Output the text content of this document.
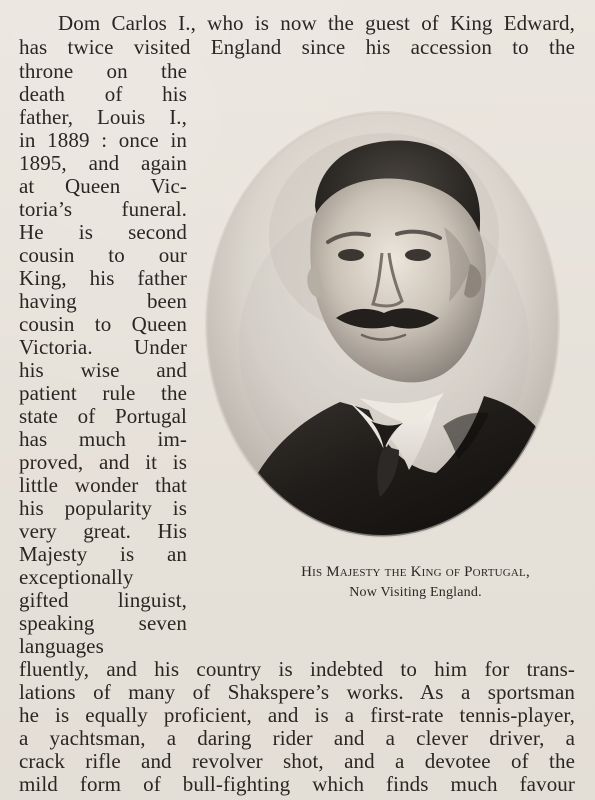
Dom Carlos I., who is now the guest of King Edward,
has twice visited England since his accession to the
throne on the
death of his
father, Louis I.,
in 1889 : once in
1895, and again
at Queen Vic-
toria’s funeral.
He is second
cousin to our
King, his father
having been
cousin to Queen
Victoria. Under
his wise and
patient rule the
state of Portugal
has much im-
proved, and it is
little wonder that
his popularity is
very great. His
Majesty is an
exceptionally
gifted linguist,
speaking seven
languages
fluently, and his country is indebted to him for trans-
lations of many of Shakspere’s works. As a sportsman
he is equally proficient, and is a first-rate tennis-player,
a yachtsman, a daring rider and a clever driver, a
crack rifle and revolver shot, and a devotee of the
mild form of bull-fighting which finds much favour
His Majesty the King of Portugal,
Now Visiting England.
